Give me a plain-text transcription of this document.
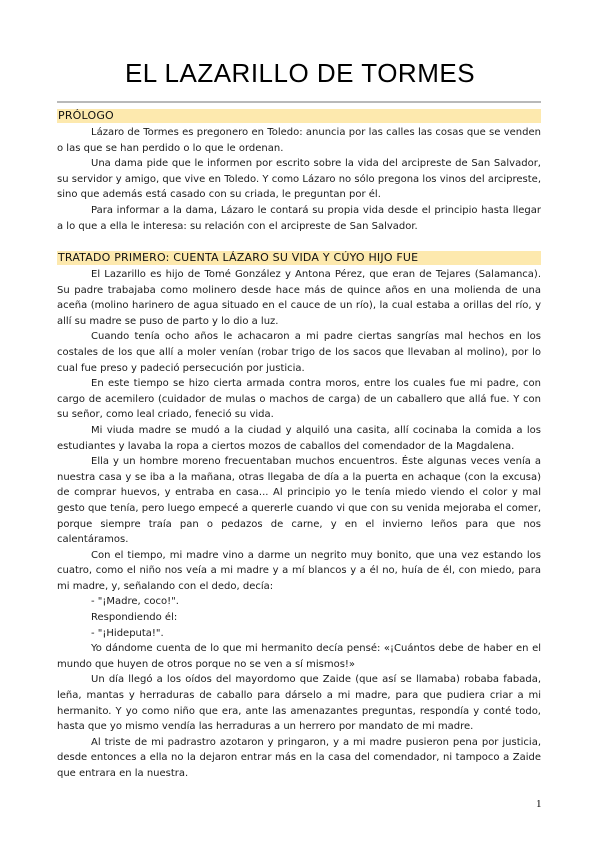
EL LAZARILLO DE TORMES
PRÓLOGO

Lázaro de Tormes es pregonero en Toledo: anuncia por las calles las cosas que se venden o las que se han perdido o lo que le ordenan.

Una dama pide que le informen por escrito sobre la vida del arcipreste de San Salvador, su servidor y amigo, que vive en Toledo. Y como Lázaro no sólo pregona los vinos del arcipreste, sino que además está casado con su criada, le preguntan por él.

Para informar a la dama, Lázaro le contará su propia vida desde el principio hasta llegar a lo que a ella le interesa: su relación con el arcipreste de San Salvador.

TRATADO PRIMERO: CUENTA LÁZARO SU VIDA Y CÚYO HIJO FUE

El Lazarillo es hijo de Tomé González y Antona Pérez, que eran de Tejares (Salamanca). Su padre trabajaba como molinero desde hace más de quince años en una molienda de una aceña (molino harinero de agua situado en el cauce de un río), la cual estaba a orillas del río, y allí su madre se puso de parto y lo dio a luz.

Cuando tenía ocho años le achacaron a mi padre ciertas sangrías mal hechos en los costales de los que allí a moler venían (robar trigo de los sacos que llevaban al molino), por lo cual fue preso y padeció persecución por justicia.

En este tiempo se hizo cierta armada contra moros, entre los cuales fue mi padre, con cargo de acemilero (cuidador de mulas o machos de carga) de un caballero que allá fue. Y con su señor, como leal criado, feneció su vida.

Mi viuda madre se mudó a la ciudad y alquiló una casita, allí cocinaba la comida a los estudiantes y lavaba la ropa a ciertos mozos de caballos del comendador de la Magdalena.

Ella y un hombre moreno frecuentaban muchos encuentros. Éste algunas veces venía a nuestra casa y se iba a la mañana, otras llegaba de día a la puerta en achaque (con la excusa) de comprar huevos, y entraba en casa... Al principio yo le tenía miedo viendo el color y mal gesto que tenía, pero luego empecé a quererle cuando vi que con su venida mejoraba el comer, porque siempre traía pan o pedazos de carne, y en el invierno leños para que nos calentáramos.

Con el tiempo, mi madre vino a darme un negrito muy bonito, que una vez estando los cuatro, como el niño nos veía a mi madre y a mí blancos y a él no, huía de él, con miedo, para mi madre, y, señalando con el dedo, decía:

- "¡Madre, coco!".

Respondiendo él:

- "¡Hideputa!".

Yo dándome cuenta de lo que mi hermanito decía pensé: «¡Cuántos debe de haber en el mundo que huyen de otros porque no se ven a sí mismos!»

Un día llegó a los oídos del mayordomo que Zaide (que así se llamaba) robaba fabada, leña, mantas y herraduras de caballo para dárselo a mi madre, para que pudiera criar a mi hermanito. Y yo como niño que era, ante las amenazantes preguntas, respondía y conté todo, hasta que yo mismo vendía las herraduras a un herrero por mandato de mi madre.

Al triste de mi padrastro azotaron y pringaron, y a mi madre pusieron pena por justicia, desde entonces a ella no la dejaron entrar más en la casa del comendador, ni tampoco a Zaide que entrara en la nuestra.

1
